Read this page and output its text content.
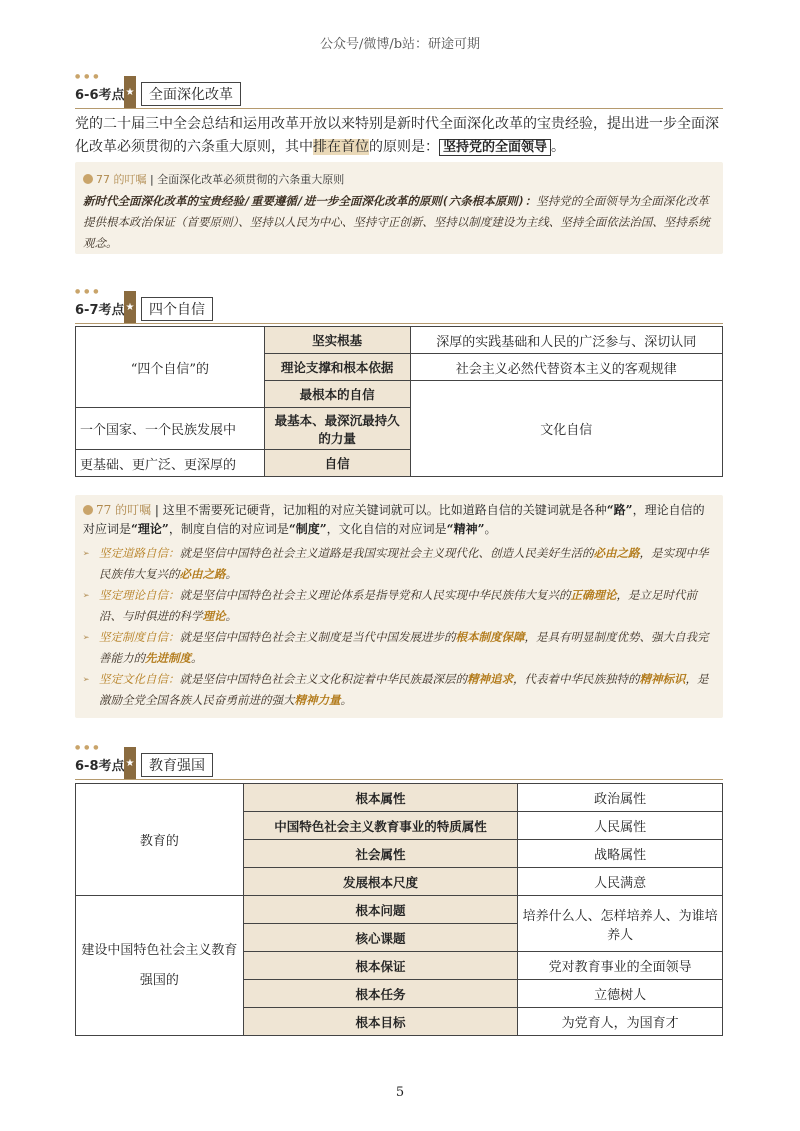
公众号/微博/b站：研途可期
● ● ●
6-6考点 ★	全面深化改革
党的二十届三中全会总结和运用改革开放以来特别是新时代全面深化改革的宝贵经验，提出进一步全面深化改革必须贯彻的六条重大原则，其中排在首位的原则是： 坚持党的全面领导 。
77 的叮嘱 | 全面深化改革必须贯彻的六条重大原则
新时代全面深化改革的宝贵经验/重要遵循/进一步全面深化改革的原则(六条根本原则)：坚持党的全面领导为全面深化改革提供根本政治保证（首要原则）、坚持以人民为中心、坚持守正创新、坚持以制度建设为主线、坚持全面依法治国、坚持系统观念。
● ● ●
6-7考点 ★	四个自信
“四个自信”的	坚实根基	深厚的实践基础和人民的广泛参与、深切认同
	理论支撑和根本依据	社会主义必然代替资本主义的客观规律
	最根本的自信	文化自信
一个国家、一个民族发展中	最基本、最深沉最持久的力量	
更基础、更广泛、更深厚的	自信	
77 的叮嘱 | 这里不需要死记硬背，记加粗的对应关键词就可以。比如道路自信的关键词就是各种“路”，理论自信的对应词是“理论”，制度自信的对应词是“制度”，文化自信的对应词是“精神”。
➢ 坚定道路自信：就是坚信中国特色社会主义道路是我国实现社会主义现代化、创造人民美好生活的必由之路，是实现中华民族伟大复兴的必由之路。
➢ 坚定理论自信：就是坚信中国特色社会主义理论体系是指导党和人民实现中华民族伟大复兴的正确理论，是立足时代前沿、与时俱进的科学理论。
➢ 坚定制度自信：就是坚信中国特色社会主义制度是当代中国发展进步的根本制度保障，是具有明显制度优势、强大自我完善能力的先进制度。
➢ 坚定文化自信：就是坚信中国特色社会主义文化积淀着中华民族最深层的精神追求，代表着中华民族独特的精神标识，是激励全党全国各族人民奋勇前进的强大精神力量。
● ● ●
6-8考点 ★	教育强国
教育的	根本属性	政治属性
	中国特色社会主义教育事业的特质属性	人民属性
	社会属性	战略属性
	发展根本尺度	人民满意
建设中国特色社会主义教育强国的	根本问题	培养什么人、怎样培养人、为谁培养人
	核心课题	
	根本保证	党对教育事业的全面领导
	根本任务	立德树人
	根本目标	为党育人，为国育才
5
